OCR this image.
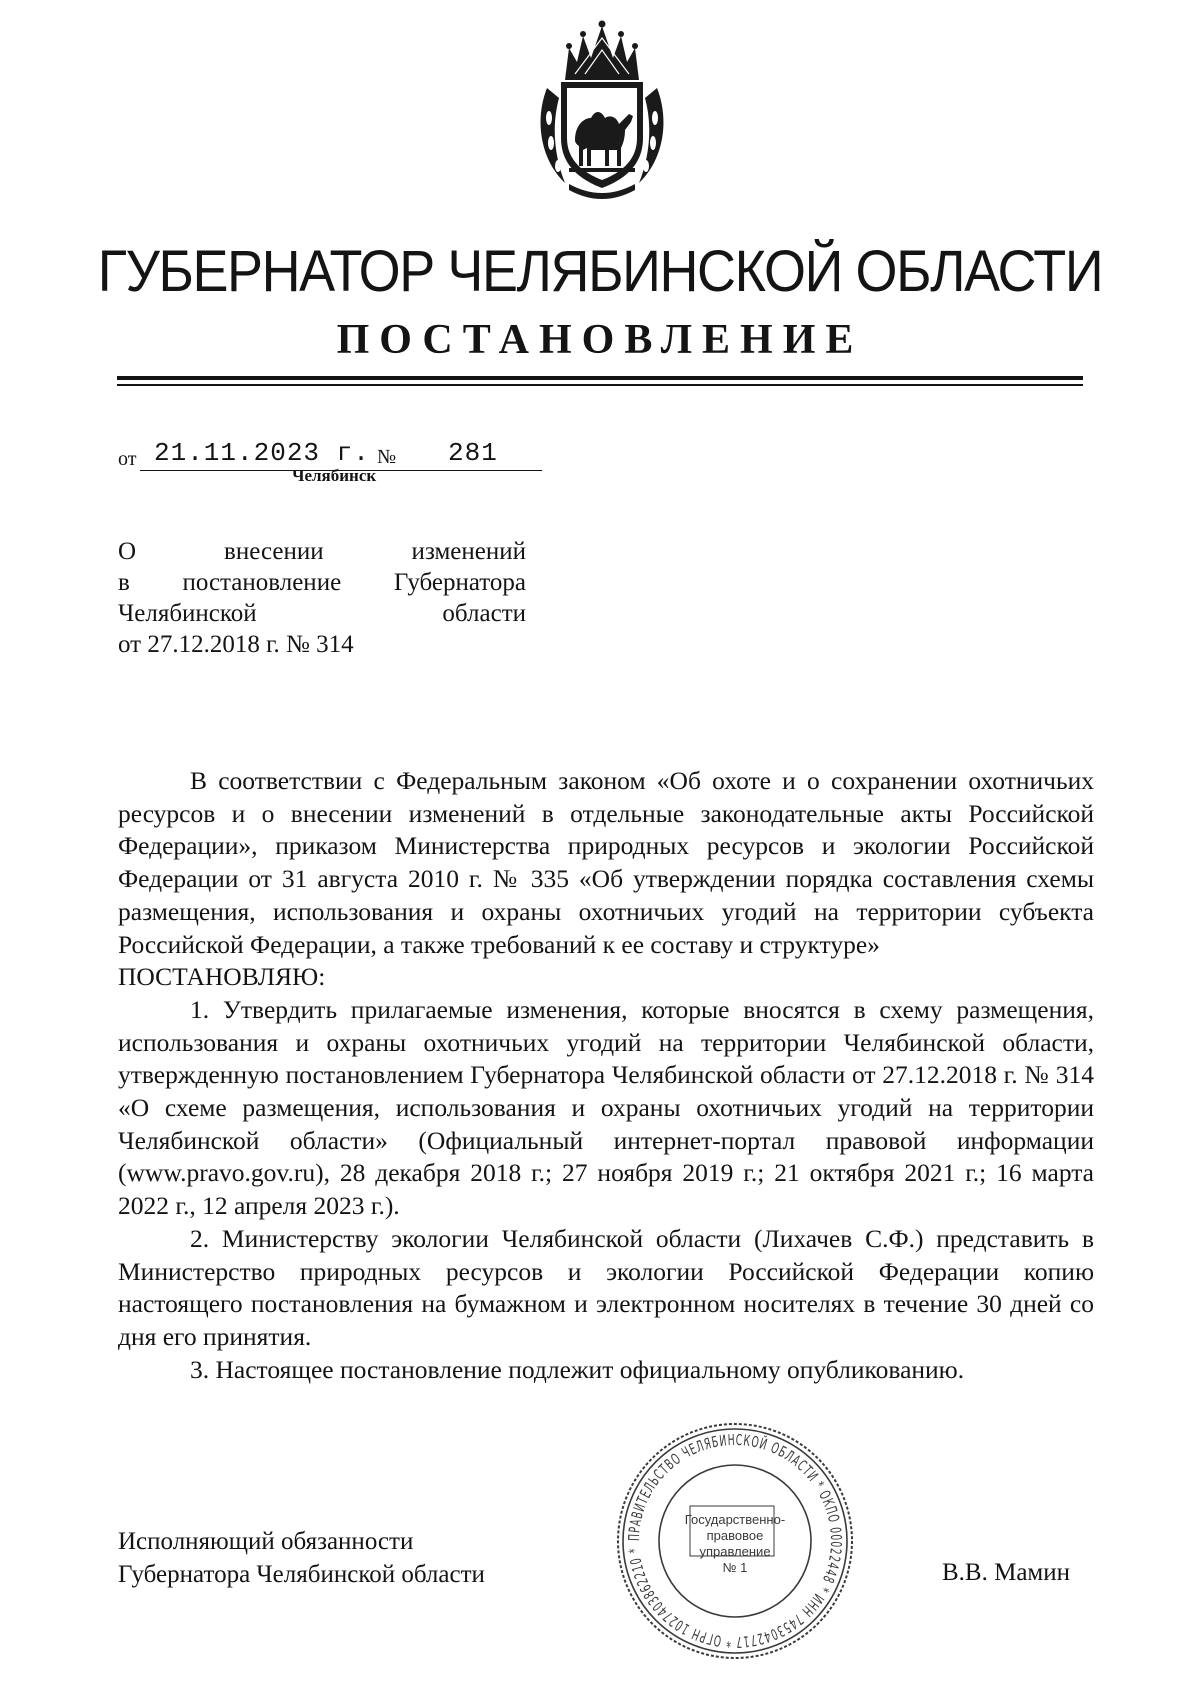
ГУБЕРНАТОР ЧЕЛЯБИНСКОЙ ОБЛАСТИ
ПОСТАНОВЛЕНИЕ
от 21.11.2023 г. № 281
Челябинск
О внесении изменений
в постановление Губернатора
Челябинской области
от 27.12.2018 г. № 314

В соответствии с Федеральным законом «Об охоте и о сохранении охотничьих ресурсов и о внесении изменений в отдельные законодательные акты Российской Федерации», приказом Министерства природных ресурсов и экологии Российской Федерации от 31 августа 2010 г. № 335 «Об утверждении порядка составления схемы размещения, использования и охраны охотничьих угодий на территории субъекта Российской Федерации, а также требований к ее составу и структуре»

ПОСТАНОВЛЯЮ:

1. Утвердить прилагаемые изменения, которые вносятся в схему размещения, использования и охраны охотничьих угодий на территории Челябинской области, утвержденную постановлением Губернатора Челябинской области от 27.12.2018 г. № 314 «О схеме размещения, использования и охраны охотничьих угодий на территории Челябинской области» (Официальный интернет-портал правовой информации (www.pravo.gov.ru), 28 декабря 2018 г.; 27 ноября 2019 г.; 21 октября 2021 г.; 16 марта 2022 г., 12 апреля 2023 г.).

2. Министерству экологии Челябинской области (Лихачев С.Ф.) представить в Министерство природных ресурсов и экологии Российской Федерации копию настоящего постановления на бумажном и электронном носителях в течение 30 дней со дня его принятия.

3. Настоящее постановление подлежит официальному опубликованию.

Исполняющий обязанности
Губернатора Челябинской области	В.В. Мамин
ПРАВИТЕЛЬСТВО ЧЕЛЯБИНСКОЙ ОБЛАСТИ * ОКПО 00022448 * ИНН 7453042717 * ОГРН 1027403862210 *
Государственно-
правовое
управление
№ 1
